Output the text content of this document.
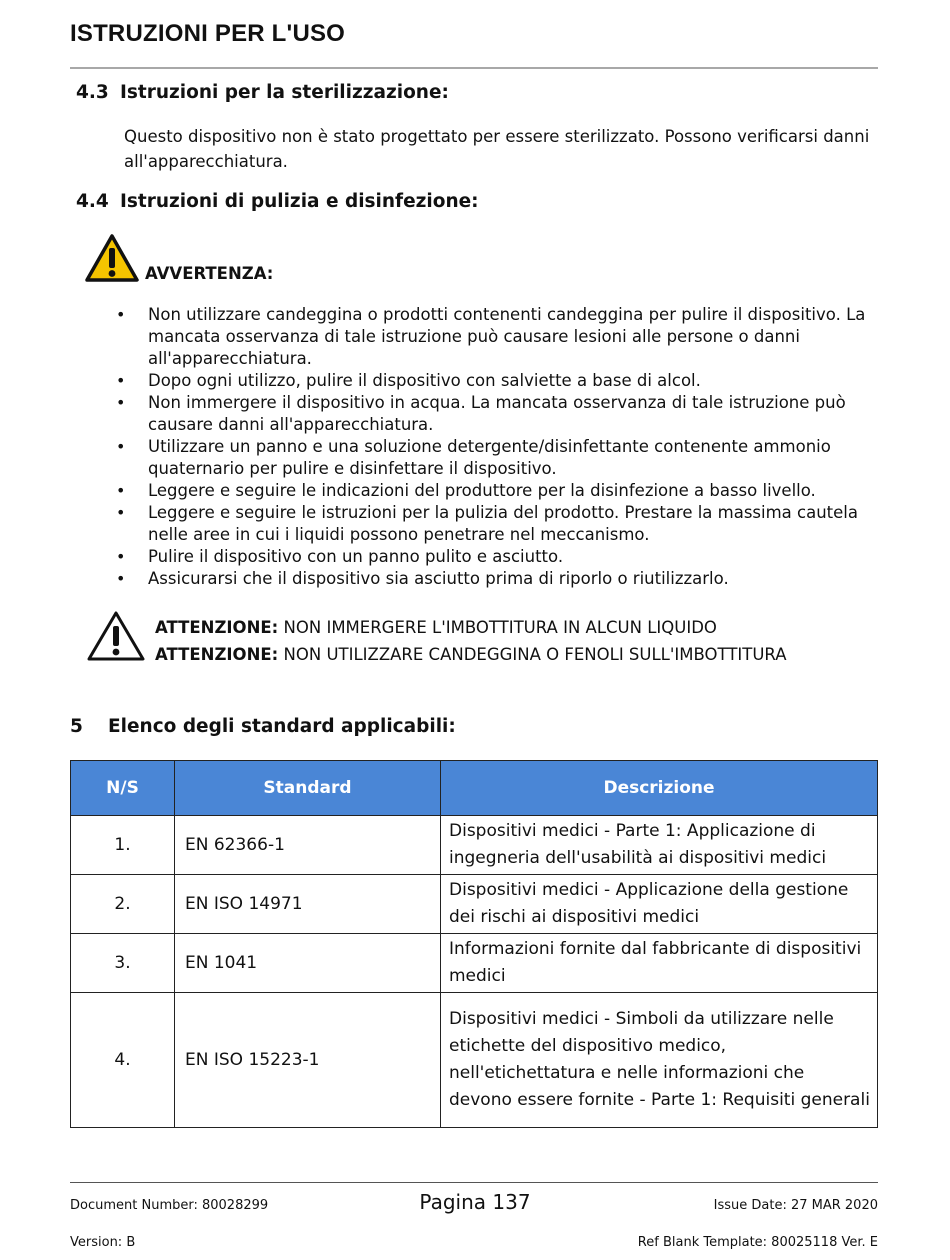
ISTRUZIONI PER L'USO
4.3 Istruzioni per la sterilizzazione:
Questo dispositivo non è stato progettato per essere sterilizzato. Possono verificarsi danni all'apparecchiatura.
4.4 Istruzioni di pulizia e disinfezione:
AVVERTENZA:
• Non utilizzare candeggina o prodotti contenenti candeggina per pulire il dispositivo. La mancata osservanza di tale istruzione può causare lesioni alle persone o danni all'apparecchiatura.
• Dopo ogni utilizzo, pulire il dispositivo con salviette a base di alcol.
• Non immergere il dispositivo in acqua. La mancata osservanza di tale istruzione può causare danni all'apparecchiatura.
• Utilizzare un panno e una soluzione detergente/disinfettante contenente ammonio quaternario per pulire e disinfettare il dispositivo.
• Leggere e seguire le indicazioni del produttore per la disinfezione a basso livello.
• Leggere e seguire le istruzioni per la pulizia del prodotto. Prestare la massima cautela nelle aree in cui i liquidi possono penetrare nel meccanismo.
• Pulire il dispositivo con un panno pulito e asciutto.
• Assicurarsi che il dispositivo sia asciutto prima di riporlo o riutilizzarlo.
ATTENZIONE: NON IMMERGERE L'IMBOTTITURA IN ALCUN LIQUIDO
ATTENZIONE: NON UTILIZZARE CANDEGGINA O FENOLI SULL'IMBOTTITURA
5 Elenco degli standard applicabili:
N/S	Standard	Descrizione
1.	EN 62366-1	Dispositivi medici - Parte 1: Applicazione di ingegneria dell'usabilità ai dispositivi medici
2.	EN ISO 14971	Dispositivi medici - Applicazione della gestione dei rischi ai dispositivi medici
3.	EN 1041	Informazioni fornite dal fabbricante di dispositivi medici
4.	EN ISO 15223-1	Dispositivi medici - Simboli da utilizzare nelle etichette del dispositivo medico, nell'etichettatura e nelle informazioni che devono essere fornite - Parte 1: Requisiti generali
Document Number: 80028299	Pagina 137	Issue Date: 27 MAR 2020
Version: B	Ref Blank Template: 80025118 Ver. E
